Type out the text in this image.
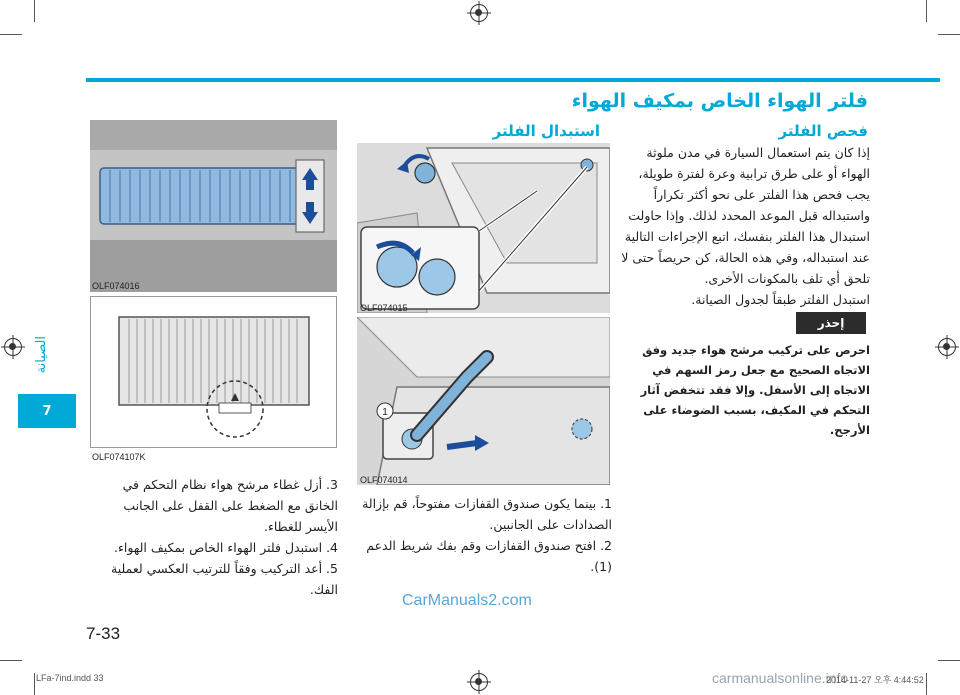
الصيانة
7
فلتر الهواء الخاص بمكيف الهواء
فحص الفلتر
إذا كان يتم استعمال السيارة في مدن ملوثة الهواء أو على طرق ترابية وعرة لفترة طويلة، يجب فحص هذا الفلتر على نحو أكثر تكراراً واستبداله قبل الموعد المحدد لذلك. وإذا حاولت استبدال هذا الفلتر بنفسك، اتبع الإجراءات التالية عند استبداله، وفي هذه الحالة، كن حريصاً حتى لا تلحق أي تلف بالمكونات الأخرى.
استبدل الفلتر طبقاً لجدول الصيانة.
إحذر
احرص على تركيب مرشح هواء جديد وفق الاتجاه الصحيح مع جعل رمز السهم في الاتجاه إلى الأسفل. وإلا فقد تتخفض آثار التحكم في المكيف، بسبب الضوضاء على الأرجح.
استبدال الفلتر
OLF074015
1
OLF074014
1. بينما يكون صندوق القفازات مفتوحاً، قم بإزالة الصدادات على الجانبين.
2. افتح صندوق القفازات وقم بفك شريط الدعم (1).
OLF074016
OLF074107K
3. أزل غطاء مرشح هواء نظام التحكم في الخانق مع الضغط على القفل على الجانب الأيسر للغطاء.
4. استبدل فلتر الهواء الخاص بمكيف الهواء.
5. أعد التركيب وفقاً للترتيب العكسي لعملية الفك.
CarManuals2.com
7-33
LFa-7ind.indd 33	carmanualsonline.info
2014-11-27 오후 4:44:52
